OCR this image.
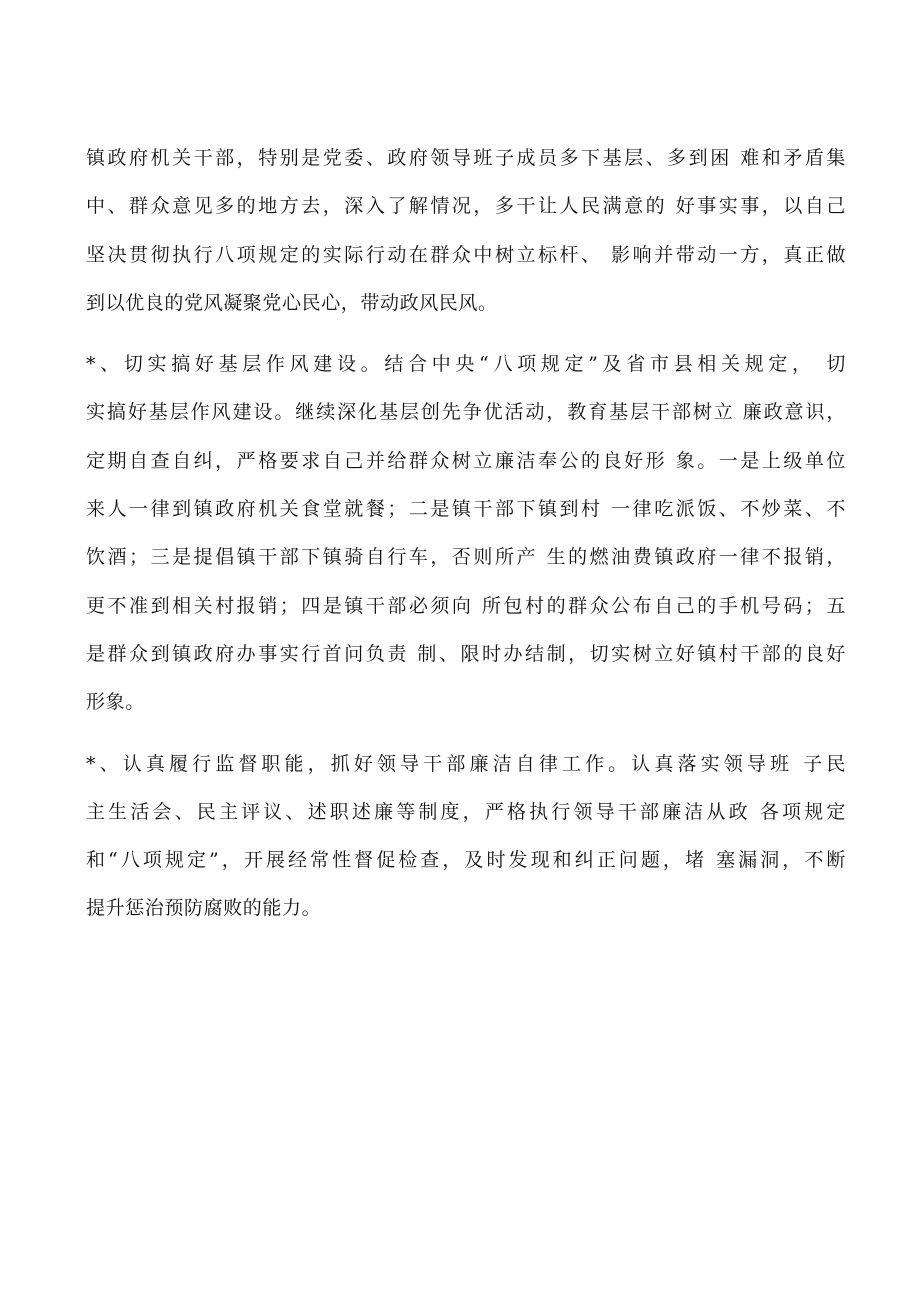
镇政府机关干部，特别是党委、政府领导班子成员多下基层、多到困 难和矛盾集
中、群众意见多的地方去，深入了解情况，多干让人民满意的 好事实事，以自己
坚决贯彻执行八项规定的实际行动在群众中树立标杆、 影响并带动一方，真正做
到以优良的党风凝聚党心民心，带动政风民风。
*、切实搞好基层作风建设。结合中央“八项规定”及省市县相关规定， 切
实搞好基层作风建设。继续深化基层创先争优活动，教育基层干部树立 廉政意识，
定期自查自纠，严格要求自己并给群众树立廉洁奉公的良好形 象。一是上级单位
来人一律到镇政府机关食堂就餐；二是镇干部下镇到村 一律吃派饭、不炒菜、不
饮酒；三是提倡镇干部下镇骑自行车，否则所产 生的燃油费镇政府一律不报销，
更不准到相关村报销；四是镇干部必须向 所包村的群众公布自己的手机号码；五
是群众到镇政府办事实行首问负责 制、限时办结制，切实树立好镇村干部的良好
形象。
*、认真履行监督职能，抓好领导干部廉洁自律工作。认真落实领导班 子民
主生活会、民主评议、述职述廉等制度，严格执行领导干部廉洁从政 各项规定
和“八项规定”，开展经常性督促检查，及时发现和纠正问题，堵 塞漏洞，不断
提升惩治预防腐败的能力。
